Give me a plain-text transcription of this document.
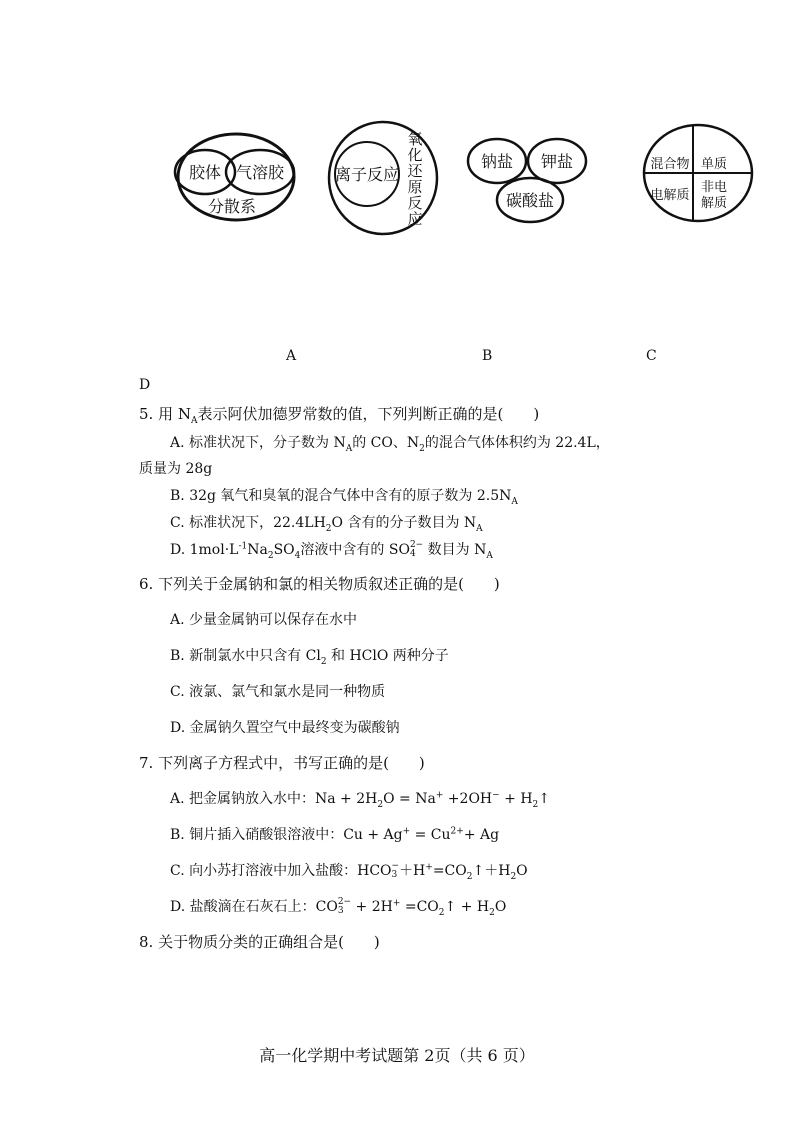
胶体 气溶胶
分散系
离子反应
氧
化
还
原
反
应
钠盐 钾盐
碳酸盐
混合物 单质
电解质
非电
解质
A	B	C
D
5. 用 $N_A$表示阿伏加德罗常数的值，下列判断正确的是(　　)
A. 标准状况下，分子数为 $N_A$的 CO、$N_2$的混合气体体积约为 22.4L，
质量为 28g
B. 32g 氧气和臭氧的混合气体中含有的原子数为 $2.5N_A$
C. 标准状况下，$22.4LH_2O$ 含有的分子数目为 $N_A$
D. $1mol\cdot L^{-1}Na_2SO_4$溶液中含有的 SO 2−
4 数目为 $N_A$
6. 下列关于金属钠和氯的相关物质叙述正确的是(　　)
A. 少量金属钠可以保存在水中
B. 新制氯水中只含有 $Cl_2$ 和 HClO 两种分子
C. 液氯、氯气和氯水是同一种物质
D. 金属钠久置空气中最终变为碳酸钠
7. 下列离子方程式中，书写正确的是(　　)
A. 把金属钠放入水中：$Na + 2H_2O = Na^+ +2OH^-$ + $H_2↑$
B. 铜片插入硝酸银溶液中：$Cu + Ag^+ = Cu^{2+}+ Ag$
C. 向小苏打溶液中加入盐酸：HCO −
$3 +H^+=CO_2↑+H_2O$
D. 盐酸滴在石灰石上：CO 2−
$3 + 2H^+ =CO_2↑ + H_2O$
8. 关于物质分类的正确组合是(　　)
高一化学期中考试题第 2页（共 6 页）
